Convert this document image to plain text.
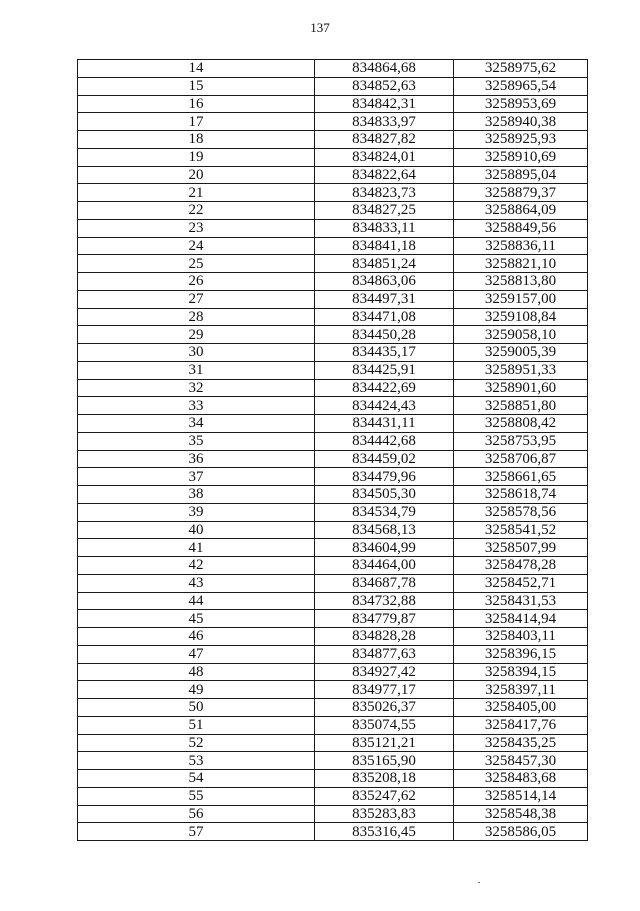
137
14	834864,68	3258975,62
15	834852,63	3258965,54
16	834842,31	3258953,69
17	834833,97	3258940,38
18	834827,82	3258925,93
19	834824,01	3258910,69
20	834822,64	3258895,04
21	834823,73	3258879,37
22	834827,25	3258864,09
23	834833,11	3258849,56
24	834841,18	3258836,11
25	834851,24	3258821,10
26	834863,06	3258813,80
27	834497,31	3259157,00
28	834471,08	3259108,84
29	834450,28	3259058,10
30	834435,17	3259005,39
31	834425,91	3258951,33
32	834422,69	3258901,60
33	834424,43	3258851,80
34	834431,11	3258808,42
35	834442,68	3258753,95
36	834459,02	3258706,87
37	834479,96	3258661,65
38	834505,30	3258618,74
39	834534,79	3258578,56
40	834568,13	3258541,52
41	834604,99	3258507,99
42	834464,00	3258478,28
43	834687,78	3258452,71
44	834732,88	3258431,53
45	834779,87	3258414,94
46	834828,28	3258403,11
47	834877,63	3258396,15
48	834927,42	3258394,15
49	834977,17	3258397,11
50	835026,37	3258405,00
51	835074,55	3258417,76
52	835121,21	3258435,25
53	835165,90	3258457,30
54	835208,18	3258483,68
55	835247,62	3258514,14
56	835283,83	3258548,38
57	835316,45	3258586,05
